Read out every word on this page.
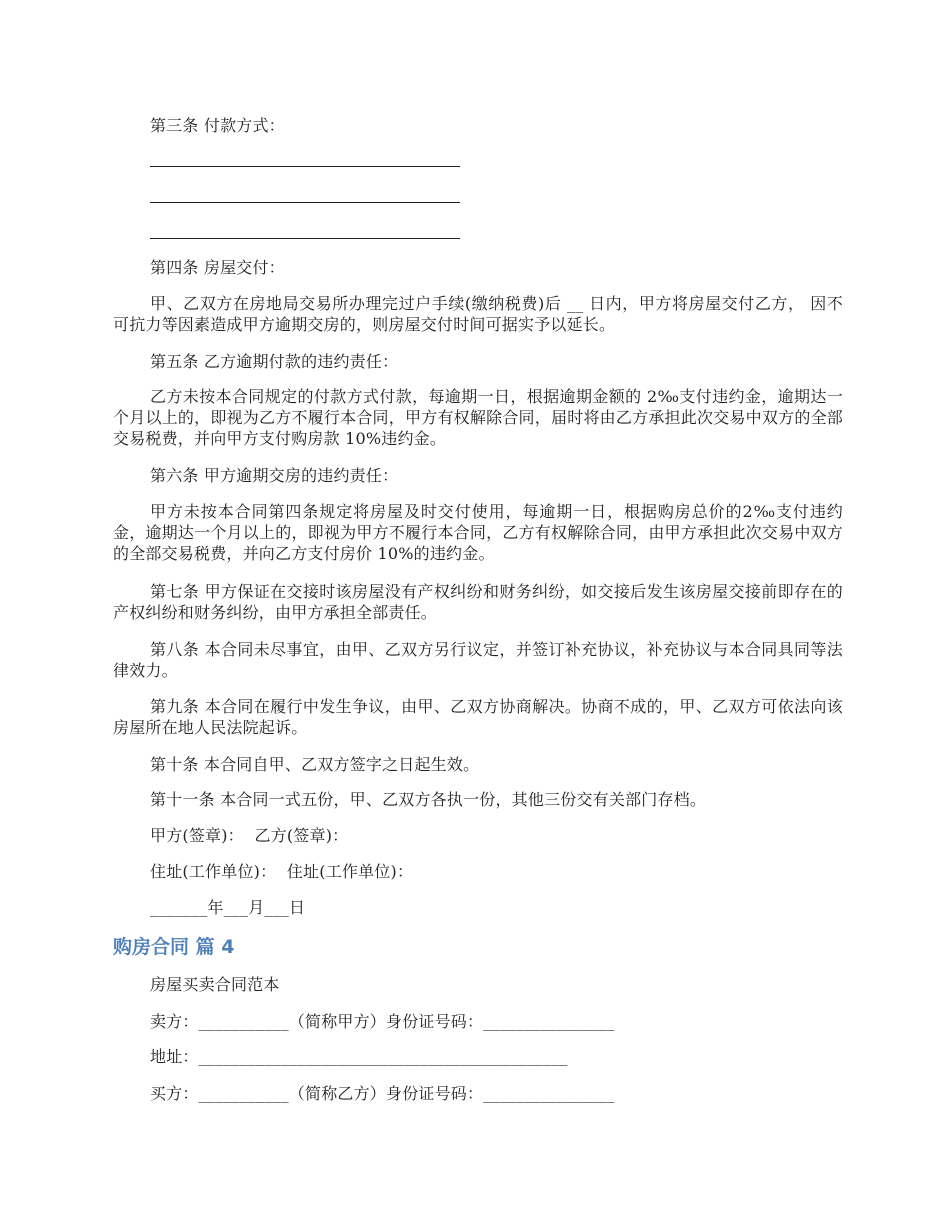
第三条 付款方式：
第四条 房屋交付：
甲、乙双方在房地局交易所办理完过户手续(缴纳税费)后 __ 日内，甲方将房屋交付乙方， 因不可抗力等因素造成甲方逾期交房的，则房屋交付时间可据实予以延长。
第五条 乙方逾期付款的违约责任：
乙方未按本合同规定的付款方式付款，每逾期一日，根据逾期金额的 2‰支付违约金，逾期达一个月以上的，即视为乙方不履行本合同，甲方有权解除合同，届时将由乙方承担此次交易中双方的全部交易税费，并向甲方支付购房款 10%违约金。
第六条 甲方逾期交房的违约责任：
甲方未按本合同第四条规定将房屋及时交付使用，每逾期一日，根据购房总价的2‰支付违约金，逾期达一个月以上的，即视为甲方不履行本合同，乙方有权解除合同，由甲方承担此次交易中双方的全部交易税费，并向乙方支付房价 10%的违约金。
第七条 甲方保证在交接时该房屋没有产权纠纷和财务纠纷，如交接后发生该房屋交接前即存在的产权纠纷和财务纠纷，由甲方承担全部责任。
第八条 本合同未尽事宜，由甲、乙双方另行议定，并签订补充协议，补充协议与本合同具同等法律效力。
第九条 本合同在履行中发生争议，由甲、乙双方协商解决。协商不成的，甲、乙双方可依法向该房屋所在地人民法院起诉。
第十条 本合同自甲、乙双方签字之日起生效。
第十一条 本合同一式五份，甲、乙双方各执一份，其他三份交有关部门存档。
甲方(签章)：  乙方(签章)：
住址(工作单位)：  住址(工作单位)：
_______年___月___日
购房合同 篇 4
房屋买卖合同范本
卖方：___________（简称甲方）身份证号码：________________
地址：_____________________________________________
买方：___________（简称乙方）身份证号码：________________
